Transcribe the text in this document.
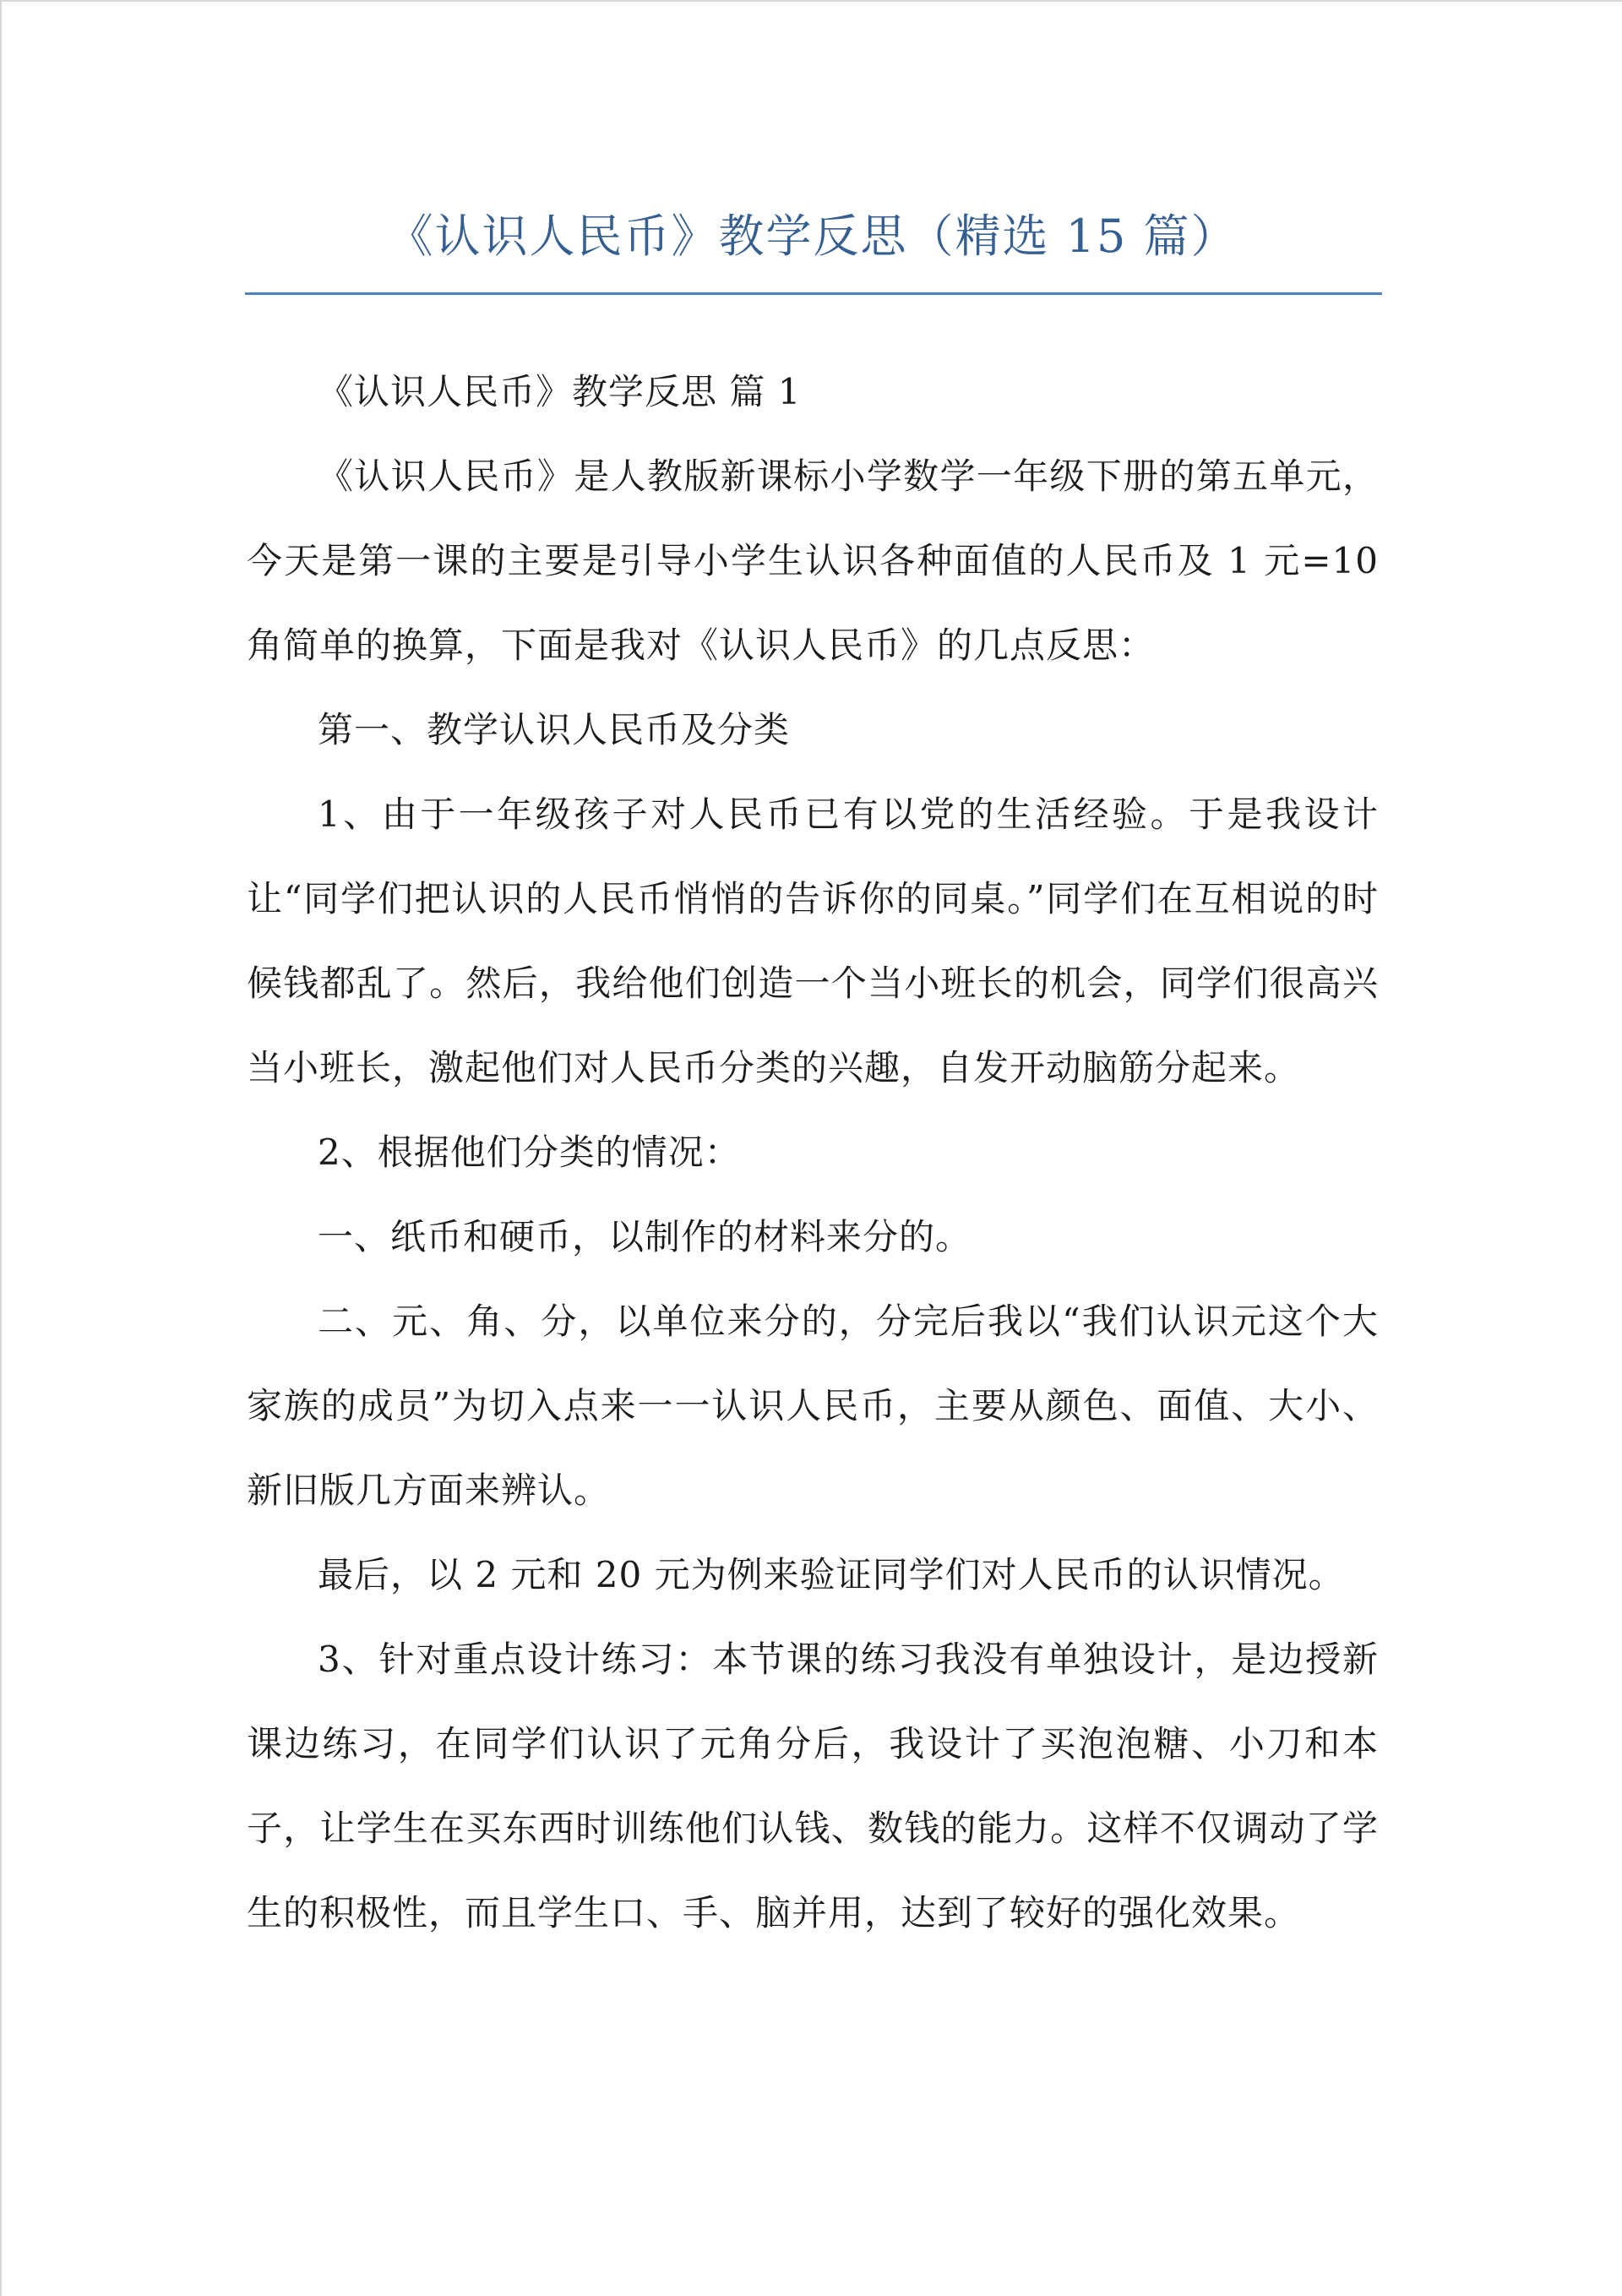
《认识人民币》教学反思（精选 15 篇）

《认识人民币》教学反思 篇 1

《认识人民币》是人教版新课标小学数学一年级下册的第五单元，今天是第一课的主要是引导小学生认识各种面值的人民币及 1 元=10 角简单的换算，下面是我对《认识人民币》的几点反思：

第一、教学认识人民币及分类

1、由于一年级孩子对人民币已有以党的生活经验。于是我设计让“同学们把认识的人民币悄悄的告诉你的同桌。”同学们在互相说的时候钱都乱了。然后，我给他们创造一个当小班长的机会，同学们很高兴当小班长，激起他们对人民币分类的兴趣，自发开动脑筋分起来。

2、根据他们分类的情况：

一、纸币和硬币，以制作的材料来分的。

二、元、角、分，以单位来分的，分完后我以“我们认识元这个大家族的成员”为切入点来一一认识人民币，主要从颜色、面值、大小、新旧版几方面来辨认。

最后，以 2 元和 20 元为例来验证同学们对人民币的认识情况。

3、针对重点设计练习：本节课的练习我没有单独设计，是边授新课边练习，在同学们认识了元角分后，我设计了买泡泡糖、小刀和本子，让学生在买东西时训练他们认钱、数钱的能力。这样不仅调动了学生的积极性，而且学生口、手、脑并用，达到了较好的强化效果。
